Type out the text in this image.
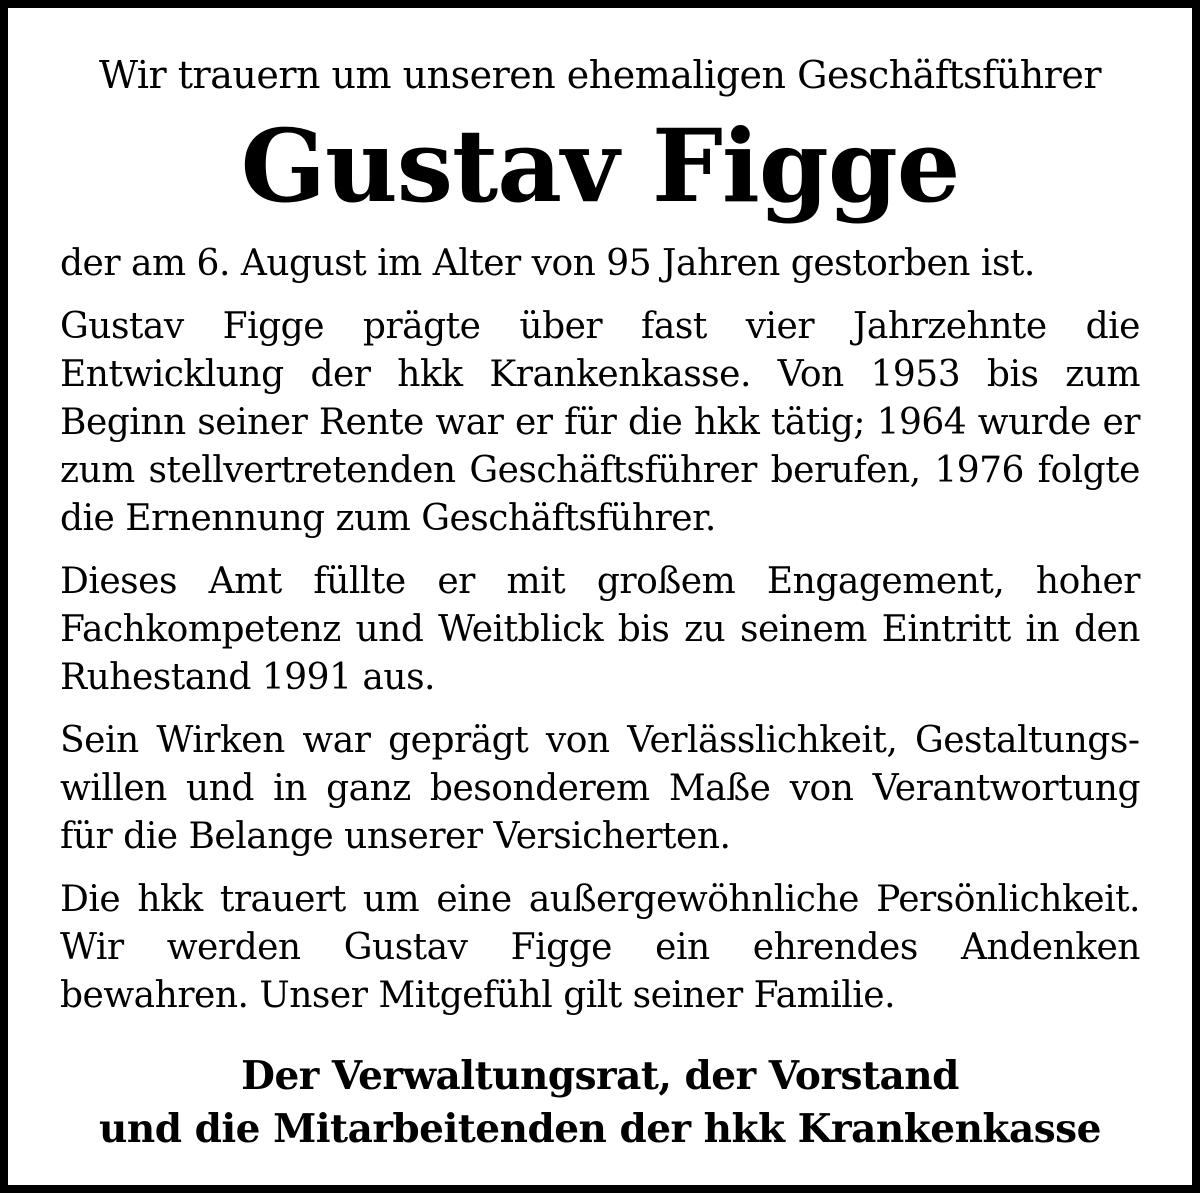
Wir trauern um unseren ehemaligen Geschäftsführer
Gustav Figge

der am 6. August im Alter von 95 Jahren gestorben ist.

Gustav Figge prägte über fast vier Jahrzehnte die Entwicklung der hkk Krankenkasse. Von 1953 bis zum Beginn seiner Rente war er für die hkk tätig; 1964 wurde er zum stellvertretenden Geschäftsführer berufen, 1976 folgte die Ernennung zum Geschäftsführer.

Dieses Amt füllte er mit großem Engagement, hoher Fachkompetenz und Weitblick bis zu seinem Eintritt in den Ruhestand 1991 aus.

Sein Wirken war geprägt von Verlässlichkeit, Gestaltungswillen und in ganz besonderem Maße von Verantwortung für die Belange unserer Versicherten.

Die hkk trauert um eine außergewöhnliche Persönlichkeit. Wir werden Gustav Figge ein ehrendes Andenken bewahren. Unser Mitgefühl gilt seiner Familie.

Der Verwaltungsrat, der Vorstand
und die Mitarbeitenden der hkk Krankenkasse
